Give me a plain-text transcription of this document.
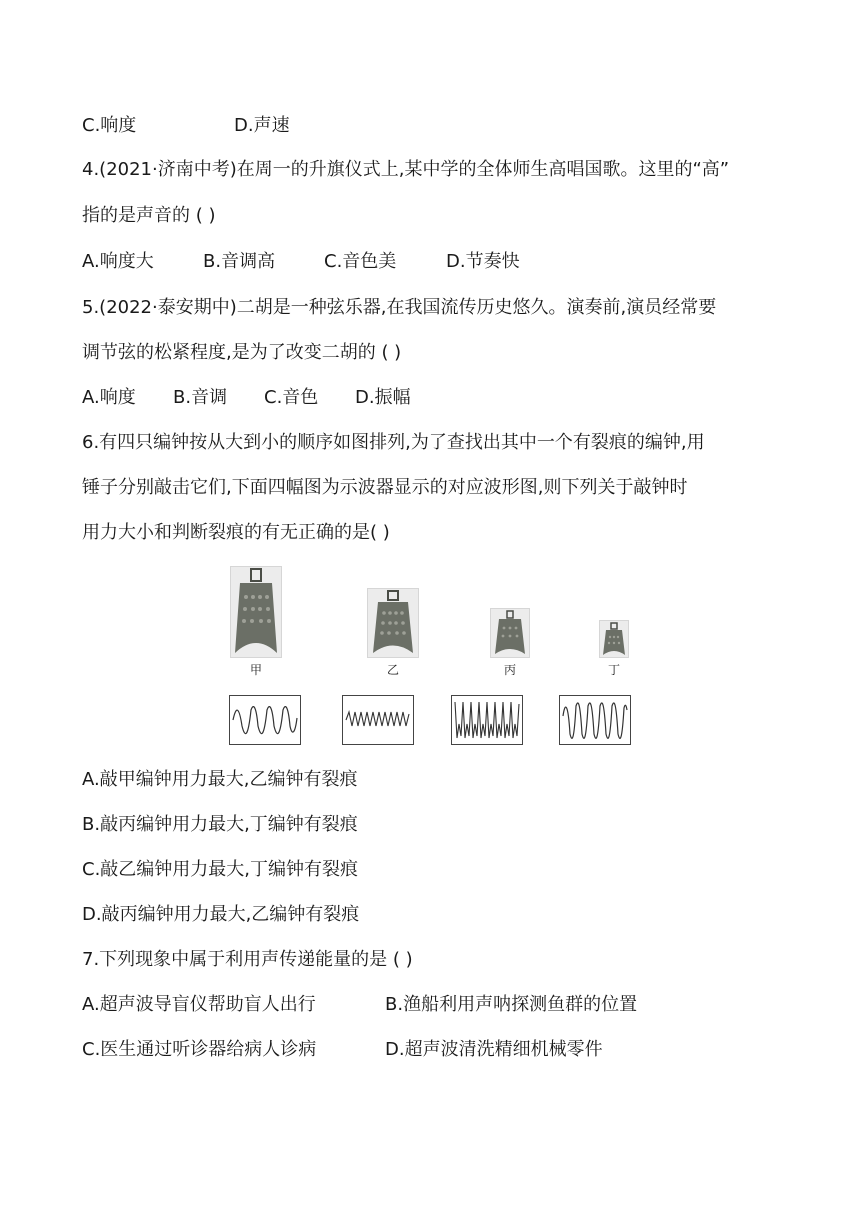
C.响度	D.声速
4.(2021·济南中考)在周一的升旗仪式上,某中学的全体师生高唱国歌。这里的“高”
指的是声音的 ( )
A.响度大	B.音调高	C.音色美	D.节奏快
5.(2022·泰安期中)二胡是一种弦乐器,在我国流传历史悠久。演奏前,演员经常要
调节弦的松紧程度,是为了改变二胡的 ( )
A.响度 B.音调 C.音色 D.振幅
6.有四只编钟按从大到小的顺序如图排列,为了查找出其中一个有裂痕的编钟,用
锤子分别敲击它们,下面四幅图为示波器显示的对应波形图,则下列关于敲钟时
用力大小和判断裂痕的有无正确的是( )
甲	乙	丙	丁
A.敲甲编钟用力最大,乙编钟有裂痕
B.敲丙编钟用力最大,丁编钟有裂痕
C.敲乙编钟用力最大,丁编钟有裂痕
D.敲丙编钟用力最大,乙编钟有裂痕
7.下列现象中属于利用声传递能量的是 ( )
A.超声波导盲仪帮助盲人出行	B.渔船利用声呐探测鱼群的位置
C.医生通过听诊器给病人诊病	D.超声波清洗精细机械零件
